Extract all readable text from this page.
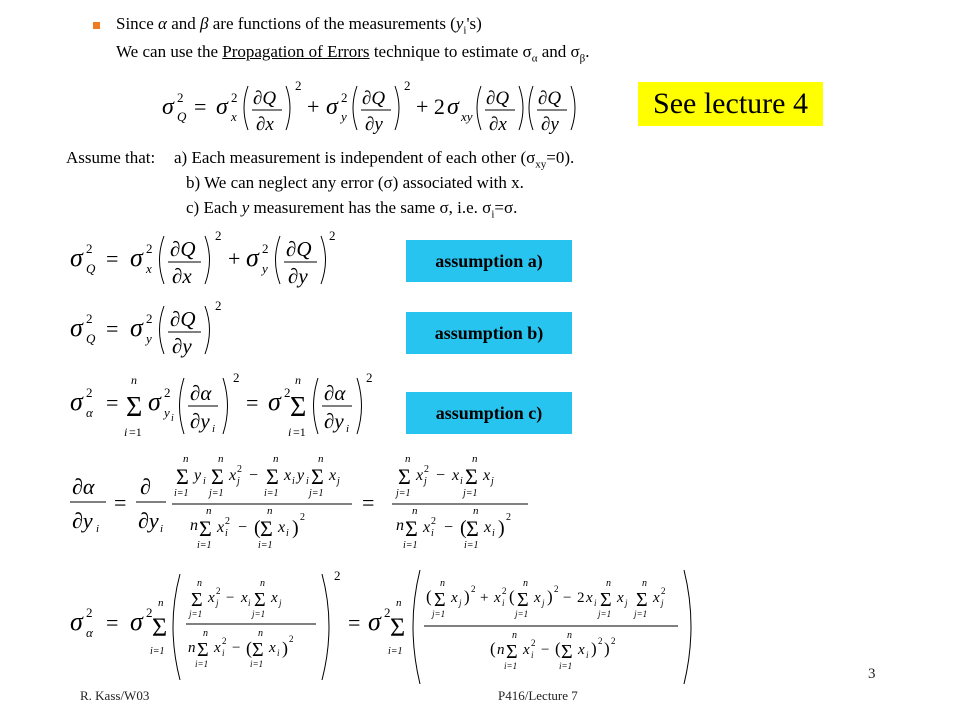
Since α and β are functions of the measurements $(y_i's)$
We can use the Propagation of Errors technique to estimate $\sigma_\alpha$ and $\sigma_\beta$.
σ 2
Q = σ 2
x
∂Q
∂x
2
+ σ 2
y
∂Q
∂y
2
+ 2 σ xy
∂Q
∂x
∂Q
∂y
See lecture 4
Assume that: a) Each measurement is independent of each other $(\sigma_{xy}=0)$.
b) We can neglect any error (σ) associated with x.
c) Each y measurement has the same σ, i.e. $\sigma_i=\sigma$.
σ 2
Q = σ 2
x
∂Q
∂x
2
+ σ 2
y
∂Q
∂y
2
assumption a)
σ 2
Q = σ 2
y
∂Q
∂y
2
assumption b)
σ 2
α =
n
Σ
i =1
σ 2
y i
∂α
∂y i
2
= σ 2
n
Σ
i =1
∂α
∂y i
2
assumption c)
∂α
∂y i
=
∂
∂y i
n
Σ
i=1
y i
n
Σ
j=1
x 2
j −
n
Σ
i=1
x i y i
n
Σ
j=1
x j
n
n
Σ
i=1
x 2
i − (
n
Σ
i=1
x i ) 2
=
n
Σ
j=1
x 2
j − x i
n
Σ
j=1
x j
n
n
Σ
i=1
x 2
i − (
n
Σ
i=1
x i ) 2
σ 2
α = σ 2
n
Σ
i=1
n
Σ
j=1
x 2
j − x i
n
Σ
j=1
x j
n
n
Σ
i=1
x 2
i − (
n
Σ
i=1
x i ) 2
2
= σ 2
n
Σ
i=1
(
n
Σ
j=1
x j ) 2
+ x 2
i (
n
Σ
j=1
x j ) 2
− 2 x i
n
Σ
j=1
x j
n
Σ
j=1
x 2
j
( n
n
Σ
i=1
x 2
i − (
n
Σ
i=1
x i ) 2 ) 2
R. Kass/W03	P416/Lecture 7
3
